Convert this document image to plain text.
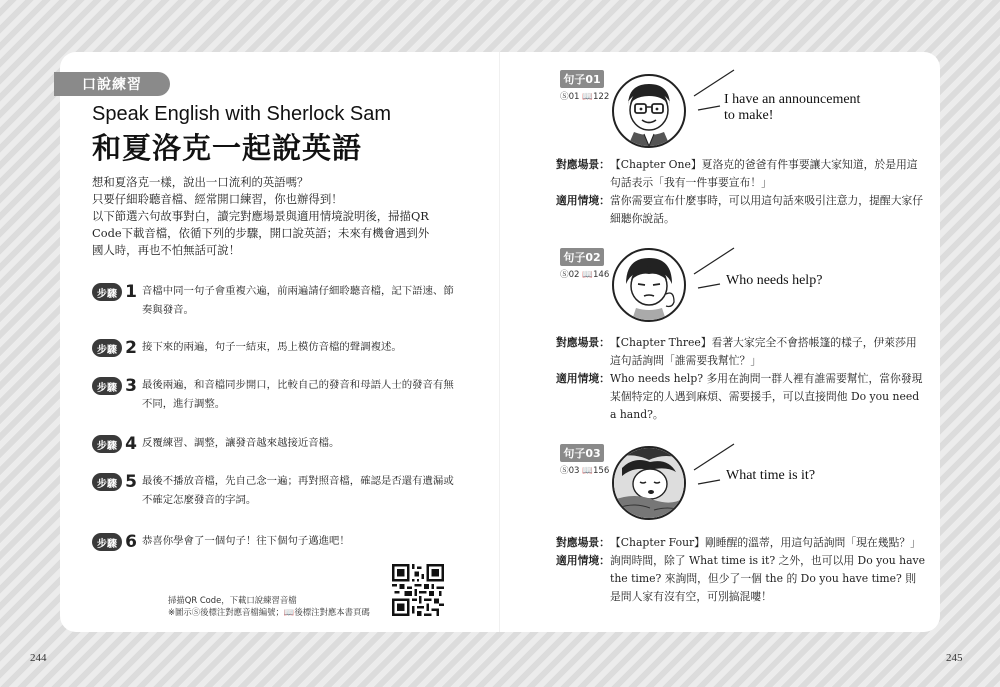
口說練習
Speak English with Sherlock Sam
和夏洛克一起說英語

想和夏洛克一樣，說出一口流利的英語嗎？

只要仔細聆聽音檔、經常開口練習，你也辦得到！

以下節選六句故事對白，讀完對應場景與適用情境說明後，掃描QR

Code下載音檔，依循下列的步驟，開口說英語；未來有機會遇到外

國人時，再也不怕無話可說！

步驟 1 音檔中同一句子會重複六遍，前兩遍請仔細聆聽音檔，記下語速、節奏與發音。
步驟 2 接下來的兩遍，句子一結束，馬上模仿音檔的聲調複述。
步驟 3 最後兩遍，和音檔同步開口，比較自己的發音和母語人士的發音有無不同，進行調整。
步驟 4 反覆練習、調整，讓發音越來越接近音檔。
步驟 5 最後不播放音檔，先自己念一遍；再對照音檔，確認是否還有遺漏或不確定怎麼發音的字詞。
步驟 6 恭喜你學會了一個句子！往下個句子邁進吧！
掃描QR Code，下載口說練習音檔
※圖示Ⓢ後標注對應音檔編號；📖後標注對應本書頁碼
244
句子01
Ⓢ01 📖122	I have an announcement
to make!
對應場景： 【Chapter One】夏洛克的爸爸有件事要讓大家知道，於是用這句話表示「我有一件事要宣布！」
適用情境： 當你需要宣布什麼事時，可以用這句話來吸引注意力，提醒大家仔細聽你說話。
句子02
Ⓢ02 📖146	Who needs help?
對應場景： 【Chapter Three】看著大家完全不會搭帳篷的樣子，伊萊莎用這句話詢問「誰需要我幫忙？」
適用情境： Who needs help? 多用在詢問一群人裡有誰需要幫忙，當你發現某個特定的人遇到麻煩、需要援手，可以直接問他 Do you need a hand?。
句子03
Ⓢ03 📖156	What time is it?
對應場景： 【Chapter Four】剛睡醒的溫蒂，用這句話詢問「現在幾點？」
適用情境： 詢問時間，除了 What time is it? 之外，也可以用 Do you have the time? 來詢問，但少了一個 the 的 Do you have time? 則是問人家有沒有空，可別搞混嘍！
245
